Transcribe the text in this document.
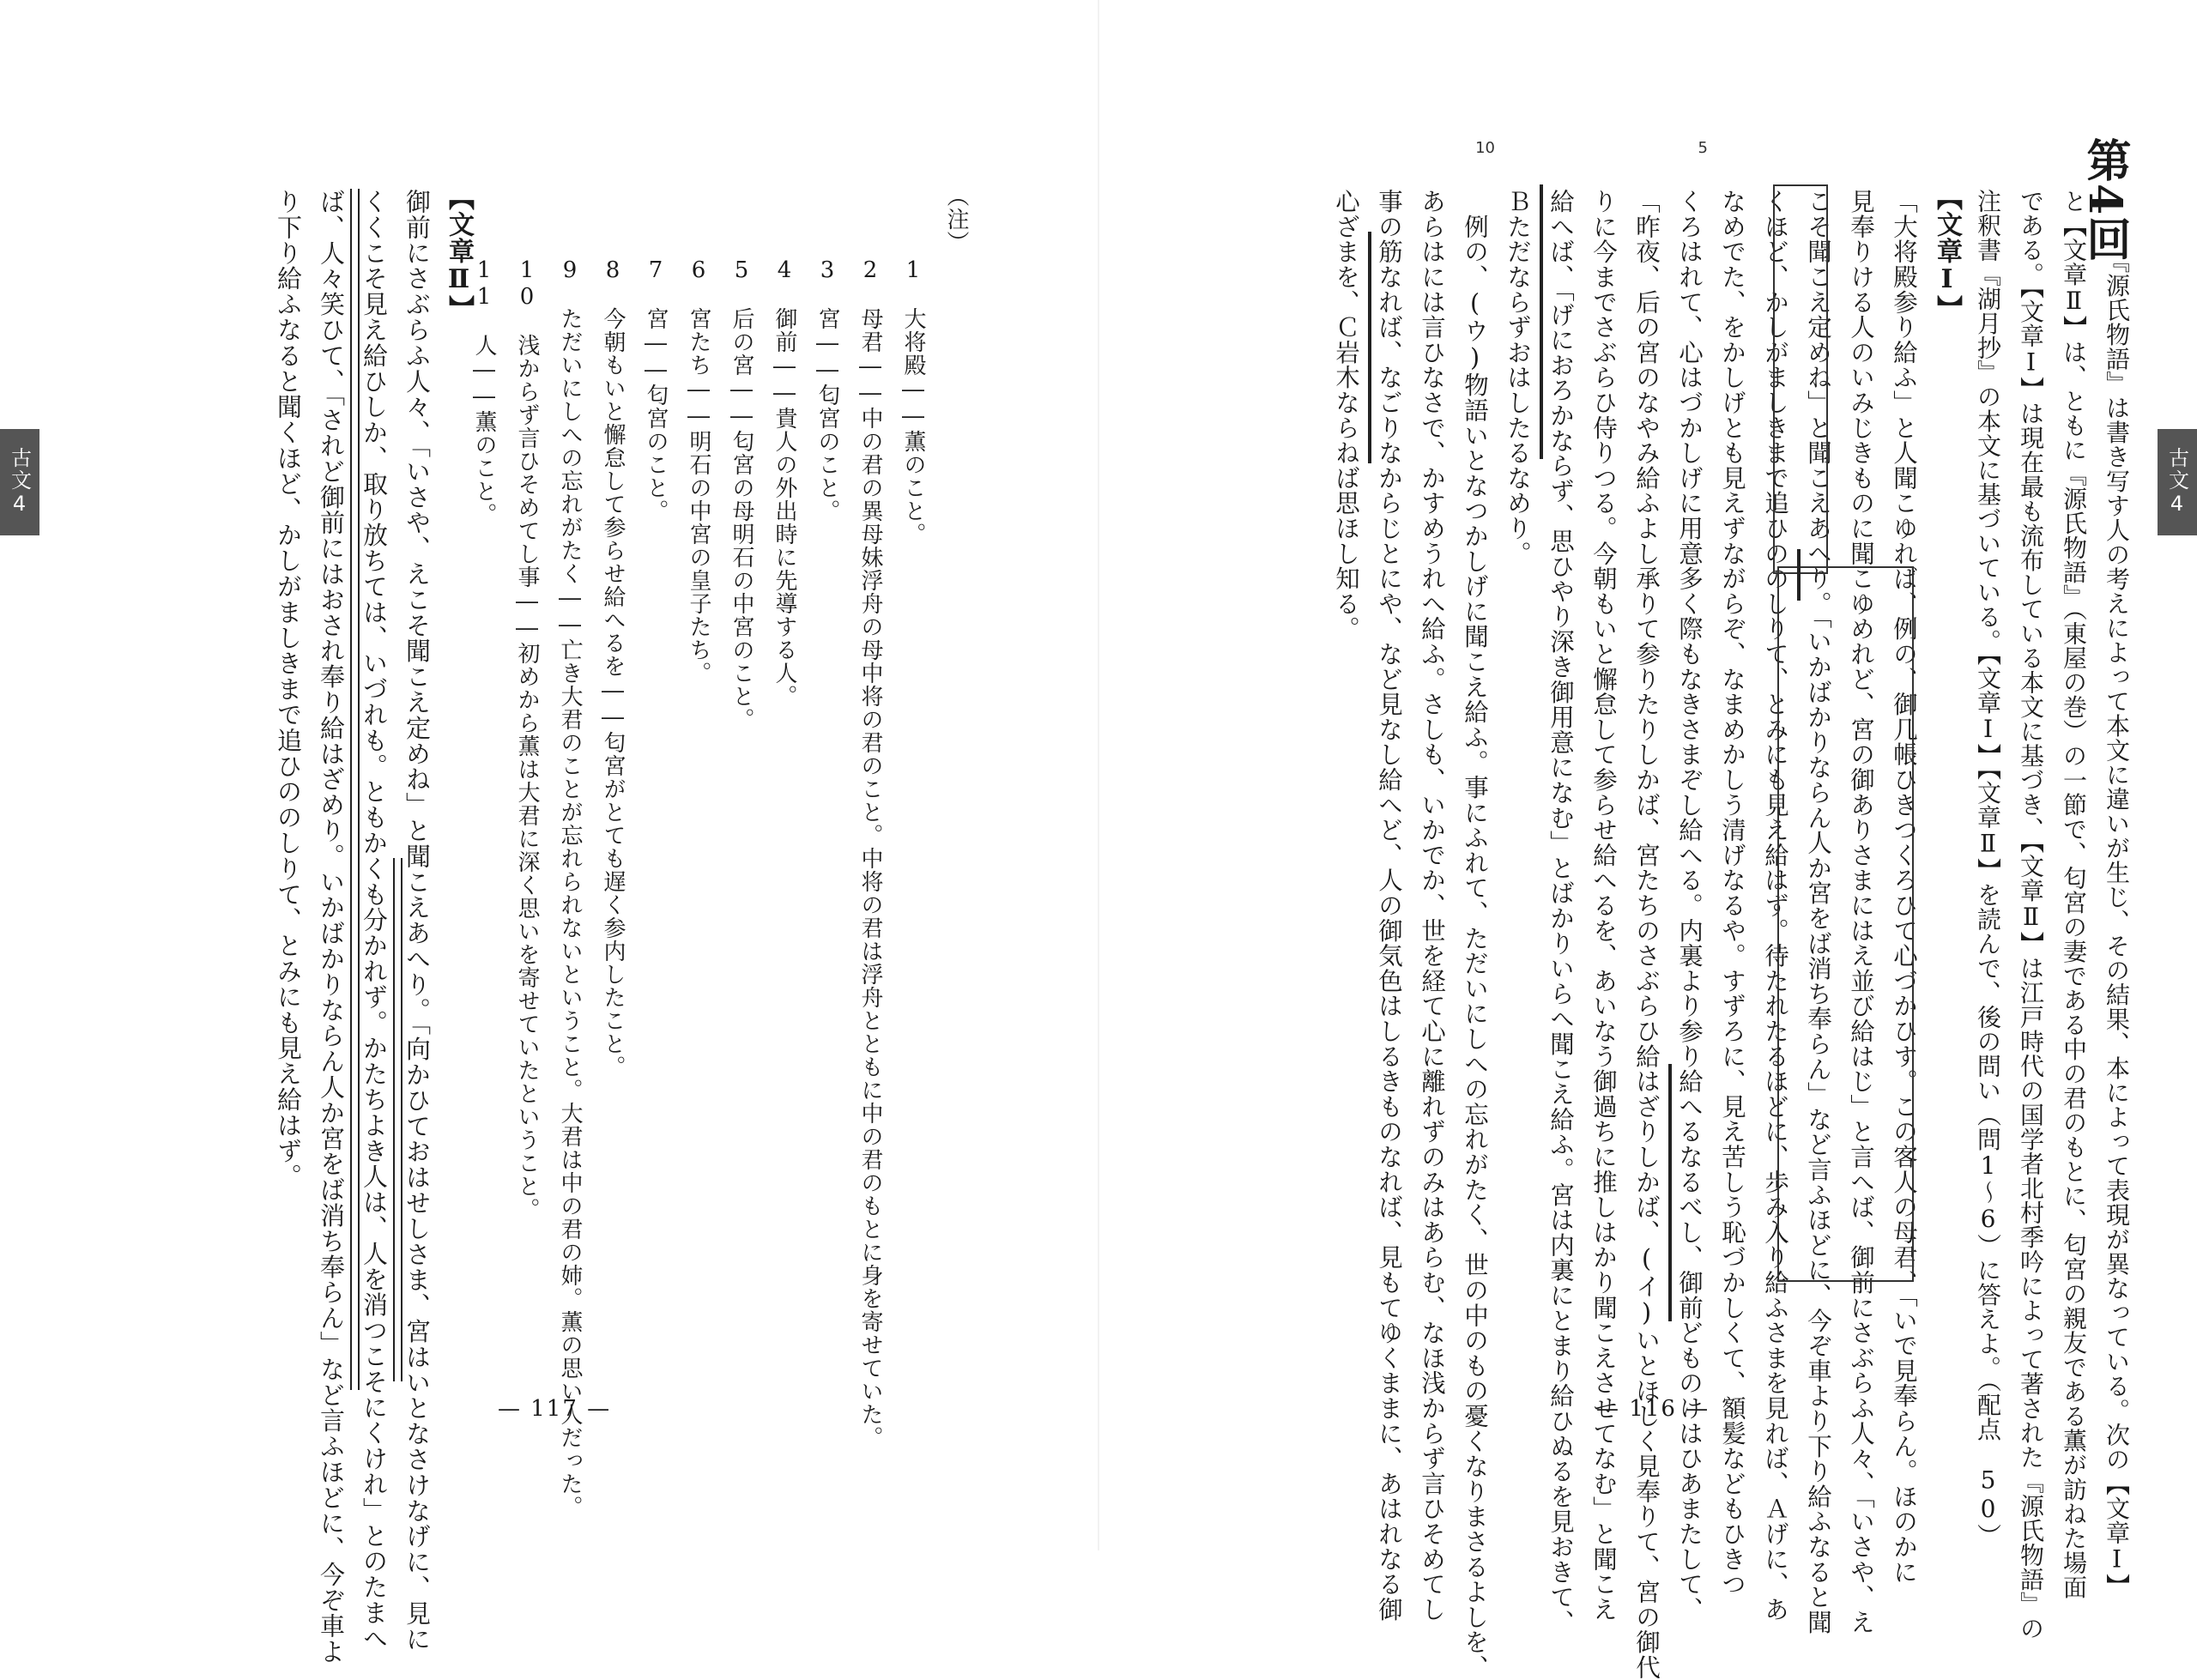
古文4
（注）
1　大将殿――薫のこと。
2　母君――中の君の異母妹浮舟の母中将の君のこと。中将の君は浮舟とともに中の君のもとに身を寄せていた。
3　宮――匂宮のこと。
4　御前――貴人の外出時に先導する人。
5　后の宮――匂宮の母明石の中宮のこと。
6　宮たち――明石の中宮の皇子たち。
7　宮――匂宮のこと。
8　今朝もいと懈怠して参らせ給へるを――匂宮がとても遅く参内したこと。
9　ただいにしへの忘れがたく――亡き大君のことが忘れられないということ。大君は中の君の姉。薫の思い人だった。
10　浅からず言ひそめてし事――初めから薫は大君に深く思いを寄せていたということ。
11　人――薫のこと。
【文章Ⅱ】
御前にさぶらふ人々、「いさや、えこそ聞こえ定めね」と聞こえあへり。「向かひておはせしさま、宮はいとなさけなげに、見に
くくこそ見え給ひしか、取り放ちては、いづれも。ともかくも分かれず。かたちよき人は、人を消つこそにくけれ」とのたまへ
ば、人々笑ひて、「されど御前にはおされ奉り給はざめり。いかばかりならん人か宮をば消ち奉らん」など言ふほどに、今ぞ車よ
り下り給ふなると聞くほど、かしがましきまで追ひののしりて、とみにも見え給はず。
— 117 —
古文4
第4回
『源氏物語』は書き写す人の考えによって本文に違いが生じ、その結果、本によって表現が異なっている。次の【文章Ⅰ】
と【文章Ⅱ】は、ともに『源氏物語』（東屋の巻）の一節で、匂宮の妻である中の君のもとに、匂宮の親友である薫が訪ねた場面
である。【文章Ⅰ】は現在最も流布している本文に基づき、【文章Ⅱ】は江戸時代の国学者北村季吟によって著された『源氏物語』の
注釈書『湖月抄』の本文に基づいている。【文章Ⅰ】【文章Ⅱ】を読んで、後の問い（問1〜6）に答えよ。（配点　50）
【文章Ⅰ】
「大将殿参り給ふ」と人聞こゆれば、例の、御几帳ひきつくろひて心づかひす。この客人の母君、「いで見奉らん。ほのかに
見奉りける人のいみじきものに聞こゆめれど、宮の御ありさまにはえ並び給はじ」と言へば、御前にさぶらふ人々、「いさや、え
こそ聞こえ定めね」と聞こえあへり。「いかばかりならん人か宮をば消ち奉らん」など言ふほどに、今ぞ車より下り給ふなると聞
くほど、かしがましきまで追ひののしりて、とみにも見え給はず。待たれたるほどに、歩み入り給ふさまを見れば、Ａげに、あ
なめでた、をかしげとも見えずながらぞ、なまめかしう清げなるや。すずろに、見え苦しう恥づかしくて、額髪などもひきつ
くろはれて、心はづかしげに用意多く際もなきさまぞし給へる。内裏より参り給へるなるべし、御前どものけはひあまたして、
「昨夜、后の宮のなやみ給ふよし承りて参りたりしかば、宮たちのさぶらひ給はざりしかば、(イ)いとほしく見奉りて、宮の御代
りに今までさぶらひ侍りつる。今朝もいと懈怠して参らせ給へるを、あいなう御過ちに推しはかり聞こえさせてなむ」と聞こえ
給へば、「げにおろかならず、思ひやり深き御用意になむ」とばかりいらへ聞こえ給ふ。宮は内裏にとまり給ひぬるを見おきて、
Ｂただならずおはしたるなめり。
　例の、(ウ)物語いとなつかしげに聞こえ給ふ。事にふれて、ただいにしへの忘れがたく、世の中のもの憂くなりまさるよしを、
あらはには言ひなさで、かすめうれへ給ふ。さしも、いかでか、世を経て心に離れずのみはあらむ、なほ浅からず言ひそめてし
事の筋なれば、なごりなからじとにや、など見なし給へど、人の御気色はしるきものなれば、見もてゆくままに、あはれなる御
心ざまを、Ｃ岩木ならねば思ほし知る。
5
10
— 116 —
